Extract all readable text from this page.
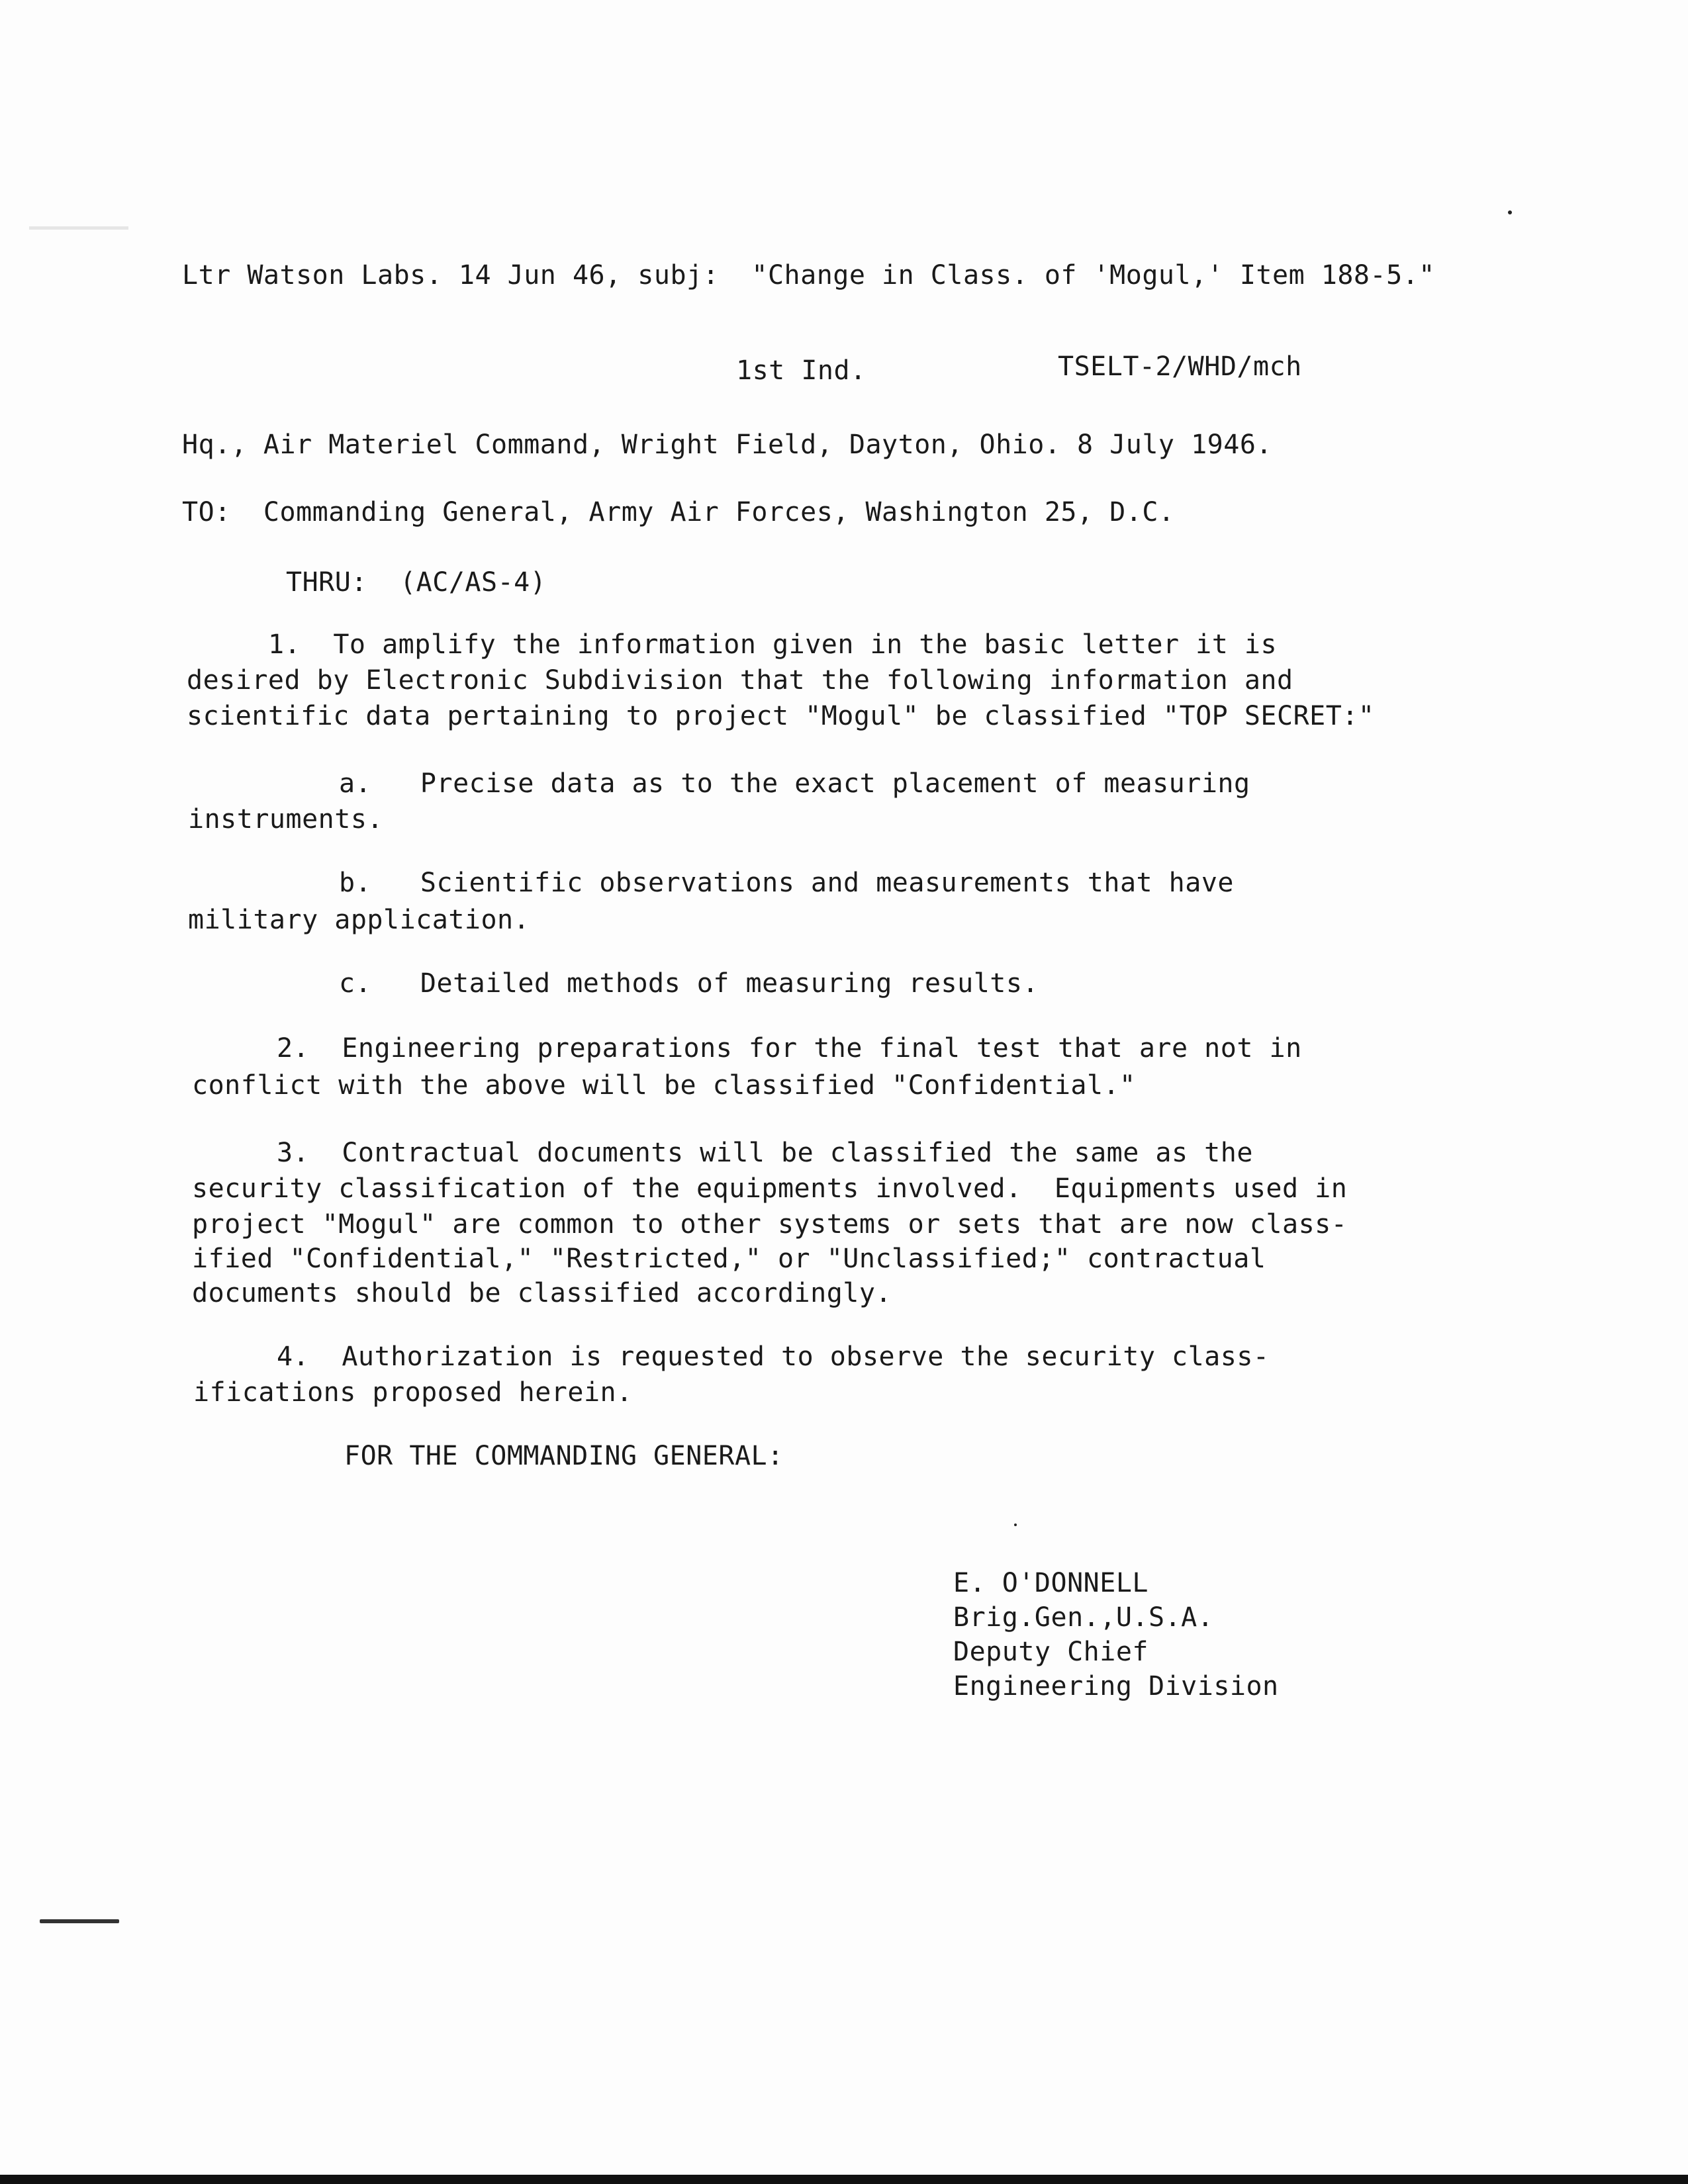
Ltr Watson Labs. 14 Jun 46, subj:  "Change in Class. of 'Mogul,' Item 188-5."
1st Ind.	TSELT-2/WHD/mch
Hq., Air Materiel Command, Wright Field, Dayton, Ohio. 8 July 1946.
TO:  Commanding General, Army Air Forces, Washington 25, D.C.
THRU:  (AC/AS-4)
1.  To amplify the information given in the basic letter it is
desired by Electronic Subdivision that the following information and
scientific data pertaining to project "Mogul" be classified "TOP SECRET:"
a.   Precise data as to the exact placement of measuring
instruments.
b.   Scientific observations and measurements that have
military application.
c.   Detailed methods of measuring results.
2.  Engineering preparations for the final test that are not in
conflict with the above will be classified "Confidential."
3.  Contractual documents will be classified the same as the
security classification of the equipments involved.  Equipments used in
project "Mogul" are common to other systems or sets that are now class-
ified "Confidential," "Restricted," or "Unclassified;" contractual
documents should be classified accordingly.
4.  Authorization is requested to observe the security class-
ifications proposed herein.
FOR THE COMMANDING GENERAL:
E. O'DONNELL
Brig.Gen.,U.S.A.
Deputy Chief
Engineering Division
